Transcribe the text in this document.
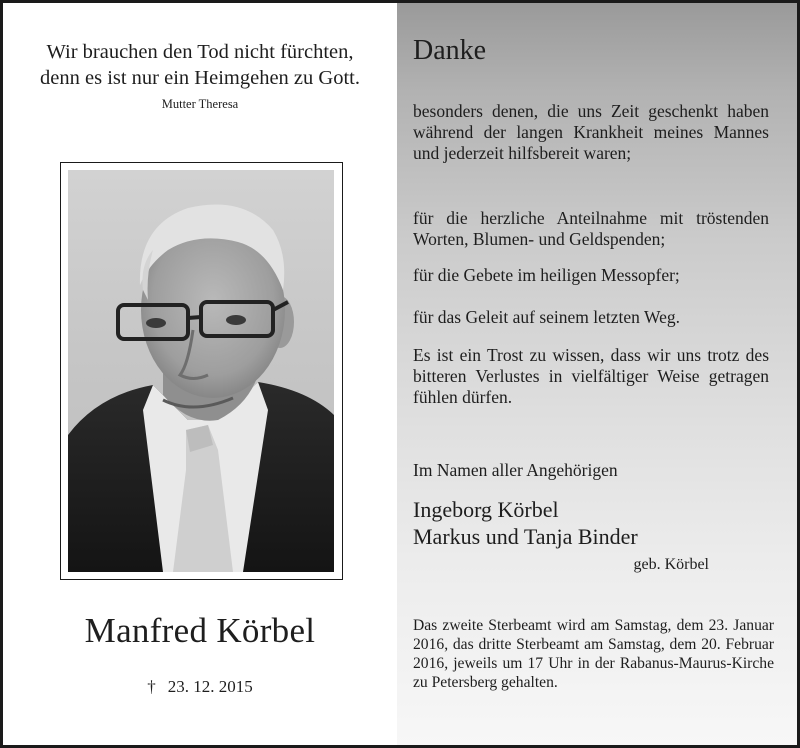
Wir brauchen den Tod nicht fürchten,
denn es ist nur ein Heimgehen zu Gott.
Mutter Theresa
Manfred Körbel
† 23. 12. 2015
Danke

besonders denen, die uns Zeit geschenkt haben während der langen Krankheit meines Mannes und jederzeit hilfsbereit waren;

für die herzliche Anteilnahme mit tröstenden Worten, Blumen- und Geldspenden;

für die Gebete im heiligen Messopfer;

für das Geleit auf seinem letzten Weg.

Es ist ein Trost zu wissen, dass wir uns trotz des bitteren Verlustes in vielfältiger Weise getragen fühlen dürfen.

Im Namen aller Angehörigen
Ingeborg Körbel
Markus und Tanja Binder
geb. Körbel
Das zweite Sterbeamt wird am Samstag, dem 23. Januar 2016, das dritte Sterbeamt am Samstag, dem 20. Februar 2016, jeweils um 17 Uhr in der Rabanus-Maurus-Kirche zu Petersberg gehalten.
